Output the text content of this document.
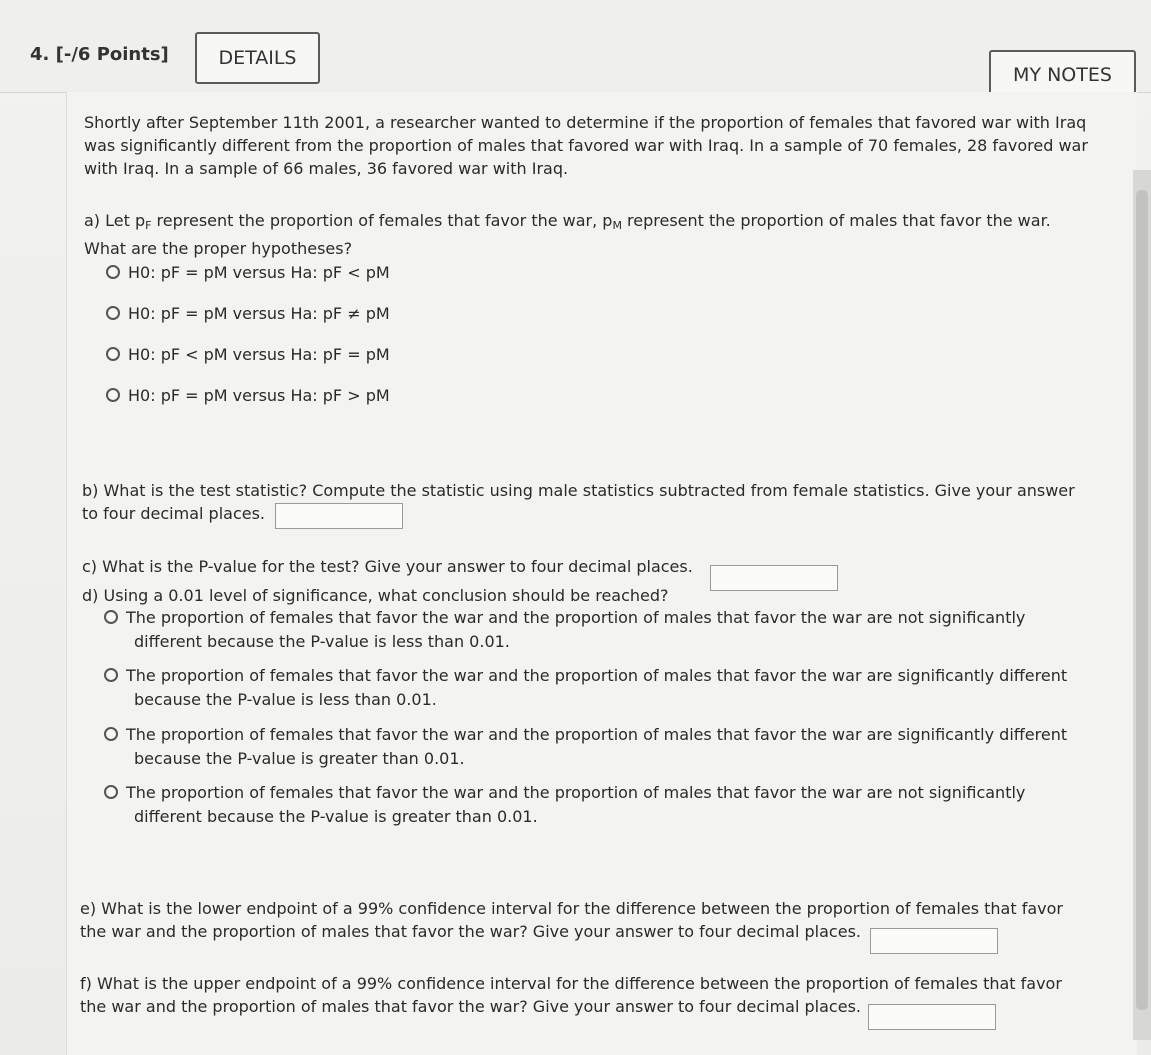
4. [-/6 Points]	DETAILS
MY NOTES
Shortly after September 11th 2001, a researcher wanted to determine if the proportion of females that favored war with Iraq
was significantly different from the proportion of males that favored war with Iraq. In a sample of 70 females, 28 favored war
with Iraq. In a sample of 66 males, 36 favored war with Iraq.
a) Let $p_F$ represent the proportion of females that favor the war, $p_M$ represent the proportion of males that favor the war.
What are the proper hypotheses?
H0: pF = pM versus Ha: pF < pM
H0: pF = pM versus Ha: pF ≠ pM
H0: pF < pM versus Ha: pF = pM
H0: pF = pM versus Ha: pF > pM
b) What is the test statistic? Compute the statistic using male statistics subtracted from female statistics. Give your answer
to four decimal places.
c) What is the P-value for the test? Give your answer to four decimal places.
d) Using a 0.01 level of significance, what conclusion should be reached?
The proportion of females that favor the war and the proportion of males that favor the war are not significantly
different because the P-value is less than 0.01.
The proportion of females that favor the war and the proportion of males that favor the war are significantly different
because the P-value is less than 0.01.
The proportion of females that favor the war and the proportion of males that favor the war are significantly different
because the P-value is greater than 0.01.
The proportion of females that favor the war and the proportion of males that favor the war are not significantly
different because the P-value is greater than 0.01.
e) What is the lower endpoint of a 99% confidence interval for the difference between the proportion of females that favor
the war and the proportion of males that favor the war? Give your answer to four decimal places.
f) What is the upper endpoint of a 99% confidence interval for the difference between the proportion of females that favor
the war and the proportion of males that favor the war? Give your answer to four decimal places.
